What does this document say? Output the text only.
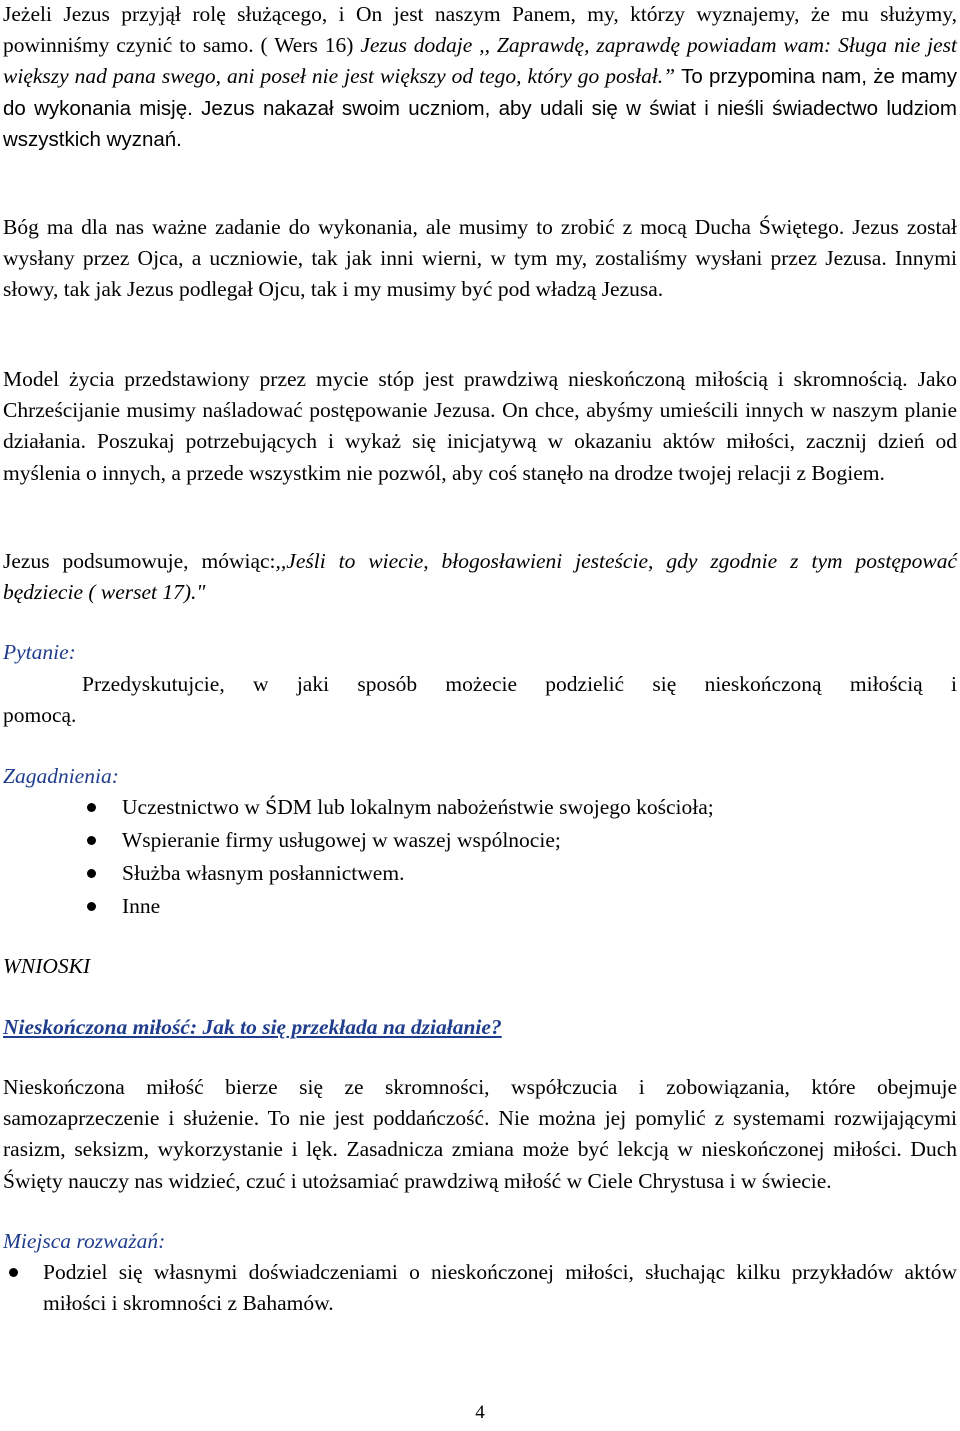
Jeżeli Jezus przyjął rolę służącego, i On jest naszym Panem, my, którzy wyznajemy, że mu służymy, powinniśmy czynić to samo. ( Wers 16) Jezus dodaje ,, Zaprawdę, zaprawdę powiadam wam: Sługa nie jest większy nad pana swego, ani poseł nie jest większy od tego, który go posłał.” To przypomina nam, że mamy do wykonania misję. Jezus nakazał swoim uczniom, aby udali się w świat i nieśli świadectwo ludziom wszystkich wyznań.

Bóg ma dla nas ważne zadanie do wykonania, ale musimy to zrobić z mocą Ducha Świętego. Jezus został wysłany przez Ojca, a uczniowie, tak jak inni wierni, w tym my, zostaliśmy wysłani przez Jezusa. Innymi słowy, tak jak Jezus podlegał Ojcu, tak i my musimy być pod władzą Jezusa.

Model życia przedstawiony przez mycie stóp jest prawdziwą nieskończoną miłością i skromnością. Jako Chrześcijanie musimy naśladować postępowanie Jezusa. On chce, abyśmy umieścili innych w naszym planie działania. Poszukaj potrzebujących i wykaż się inicjatywą w okazaniu aktów miłości, zacznij dzień od myślenia o innych, a przede wszystkim nie pozwól, aby coś stanęło na drodze twojej relacji z Bogiem.

Jezus podsumowuje, mówiąc:,,Jeśli to wiecie, błogosławieni jesteście, gdy zgodnie z tym postępować będziecie ( werset 17)."

Pytanie:

Przedyskutujcie, w jaki sposób możecie podzielić się nieskończoną miłością i

pomocą.

Zagadnienia:

Uczestnictwo w ŚDM lub lokalnym nabożeństwie swojego kościoła;
Wspieranie firmy usługowej w waszej wspólnocie;
Służba własnym posłannictwem.
Inne

WNIOSKI

Nieskończona miłość: Jak to się przekłada na działanie?

Nieskończona miłość bierze się ze skromności, współczucia i zobowiązania, które obejmuje samozaprzeczenie i służenie. To nie jest poddańczość. Nie można jej pomylić z systemami rozwijającymi rasizm, seksizm, wykorzystanie i lęk. Zasadnicza zmiana może być lekcją w nieskończonej miłości. Duch Święty nauczy nas widzieć, czuć i utożsamiać prawdziwą miłość w Ciele Chrystusa i w świecie.

Miejsca rozważań:

Podziel się własnymi doświadczeniami o nieskończonej miłości, słuchając kilku przykładów aktów miłości i skromności z Bahamów.
4
